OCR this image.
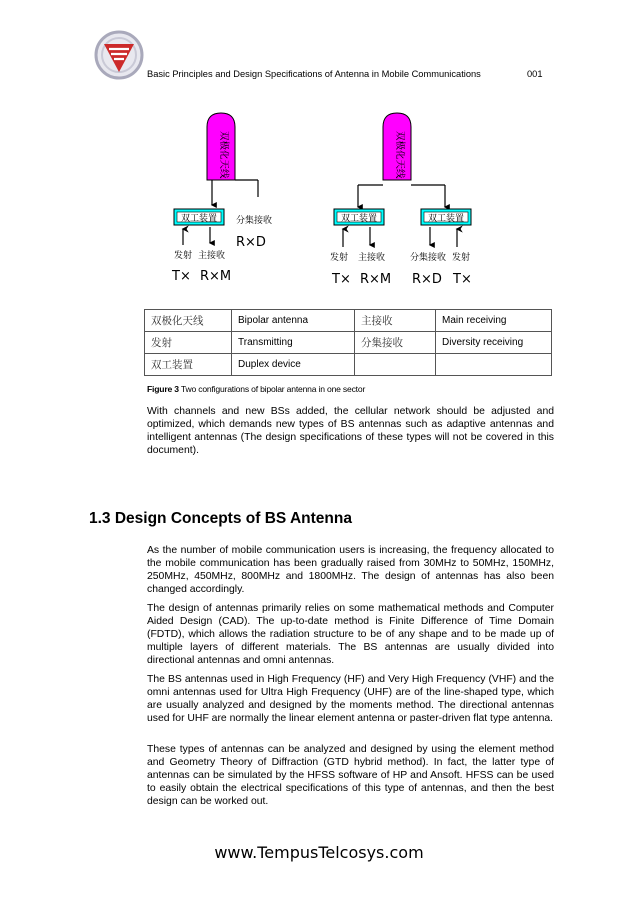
Basic Principles and Design Specifications of Antenna in Mobile Communications	001
双极化天线
双工装置 分集接收
发射 主接收
R×D
T× R×M
双极化天线
双工装置	双工装置
发射 主接收	分集接收 发射
T× R×M R×D T×
双极化天线	Bipolar antenna	主接收	Main receiving
发射	Transmitting	分集接收	Diversity receiving
双工装置	Duplex device		
Figure 3 Two configurations of bipolar antenna in one sector

With channels and new BSs added, the cellular network should be adjusted and optimized, which demands new types of BS antennas such as adaptive antennas and intelligent antennas (The design specifications of these types will not be covered in this document).

1.3 Design Concepts of BS Antenna

As the number of mobile communication users is increasing, the frequency allocated to the mobile communication has been gradually raised from 30MHz to 50MHz, 150MHz, 250MHz, 450MHz, 800MHz and 1800MHz. The design of antennas has also been changed accordingly.

The design of antennas primarily relies on some mathematical methods and Computer Aided Design (CAD). The up-to-date method is Finite Difference of Time Domain (FDTD), which allows the radiation structure to be of any shape and to be made up of multiple layers of different materials. The BS antennas are usually divided into directional antennas and omni antennas.

The BS antennas used in High Frequency (HF) and Very High Frequency (VHF) and the omni antennas used for Ultra High Frequency (UHF) are of the line-shaped type, which are usually analyzed and designed by the moments method. The directional antennas used for UHF are normally the linear element antenna or paster-driven flat type antenna.

These types of antennas can be analyzed and designed by using the element method and Geometry Theory of Diffraction (GTD hybrid method). In fact, the latter type of antennas can be simulated by the HFSS software of HP and Ansoft. HFSS can be used to easily obtain the electrical specifications of this type of antennas, and then the best design can be worked out.

www.TempusTelcosys.com
